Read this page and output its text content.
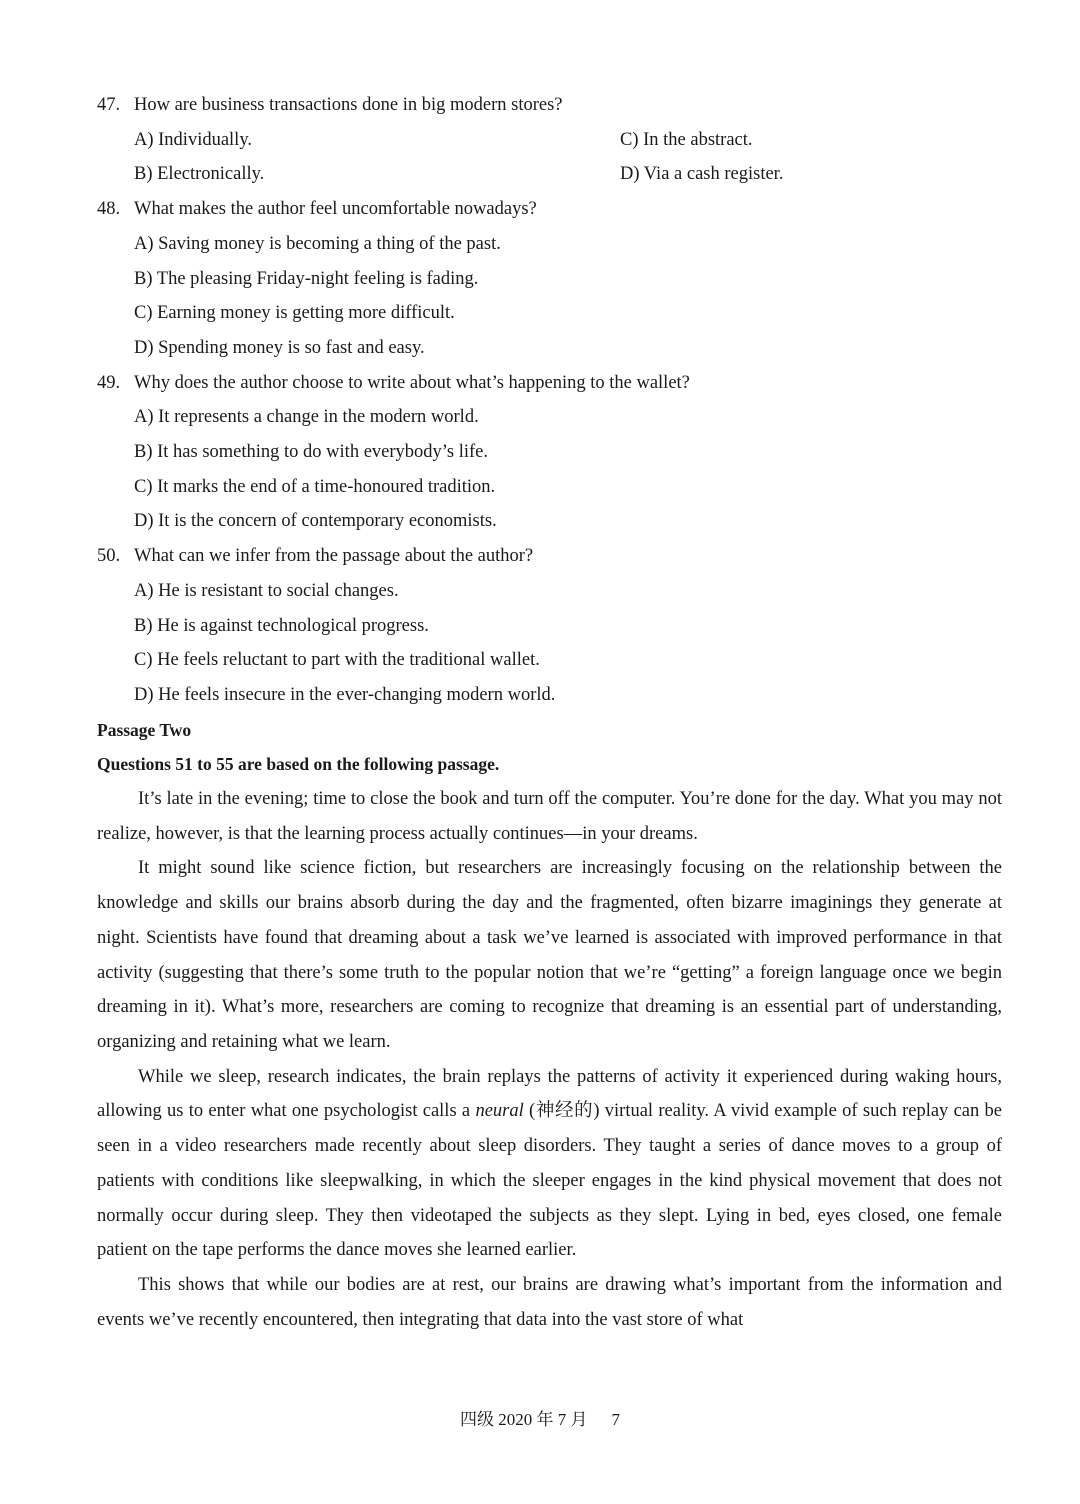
47. How are business transactions done in big modern stores?
A) Individually.	C) In the abstract.
B) Electronically.	D) Via a cash register.
48. What makes the author feel uncomfortable nowadays?
A) Saving money is becoming a thing of the past.
B) The pleasing Friday-night feeling is fading.
C) Earning money is getting more difficult.
D) Spending money is so fast and easy.
49. Why does the author choose to write about what’s happening to the wallet?
A) It represents a change in the modern world.
B) It has something to do with everybody’s life.
C) It marks the end of a time-honoured tradition.
D) It is the concern of contemporary economists.
50. What can we infer from the passage about the author?
A) He is resistant to social changes.
B) He is against technological progress.
C) He feels reluctant to part with the traditional wallet.
D) He feels insecure in the ever-changing modern world.
Passage Two
Questions 51 to 55 are based on the following passage.

It’s late in the evening; time to close the book and turn off the computer. You’re done for the day. What you may not realize, however, is that the learning process actually continues—in your dreams.

It might sound like science fiction, but researchers are increasingly focusing on the relationship between the knowledge and skills our brains absorb during the day and the fragmented, often bizarre imaginings they generate at night. Scientists have found that dreaming about a task we’ve learned is associated with improved performance in that activity (suggesting that there’s some truth to the popular notion that we’re “getting” a foreign language once we begin dreaming in it). What’s more, researchers are coming to recognize that dreaming is an essential part of understanding, organizing and retaining what we learn.

While we sleep, research indicates, the brain replays the patterns of activity it experienced during waking hours, allowing us to enter what one psychologist calls a neural (神经的) virtual reality. A vivid example of such replay can be seen in a video researchers made recently about sleep disorders. They taught a series of dance moves to a group of patients with conditions like sleepwalking, in which the sleeper engages in the kind physical movement that does not normally occur during sleep. They then videotaped the subjects as they slept. Lying in bed, eyes closed, one female patient on the tape performs the dance moves she learned earlier.

This shows that while our bodies are at rest, our brains are drawing what’s important from the information and events we’ve recently encountered, then integrating that data into the vast store of what

四级 2020 年 7 月 7
